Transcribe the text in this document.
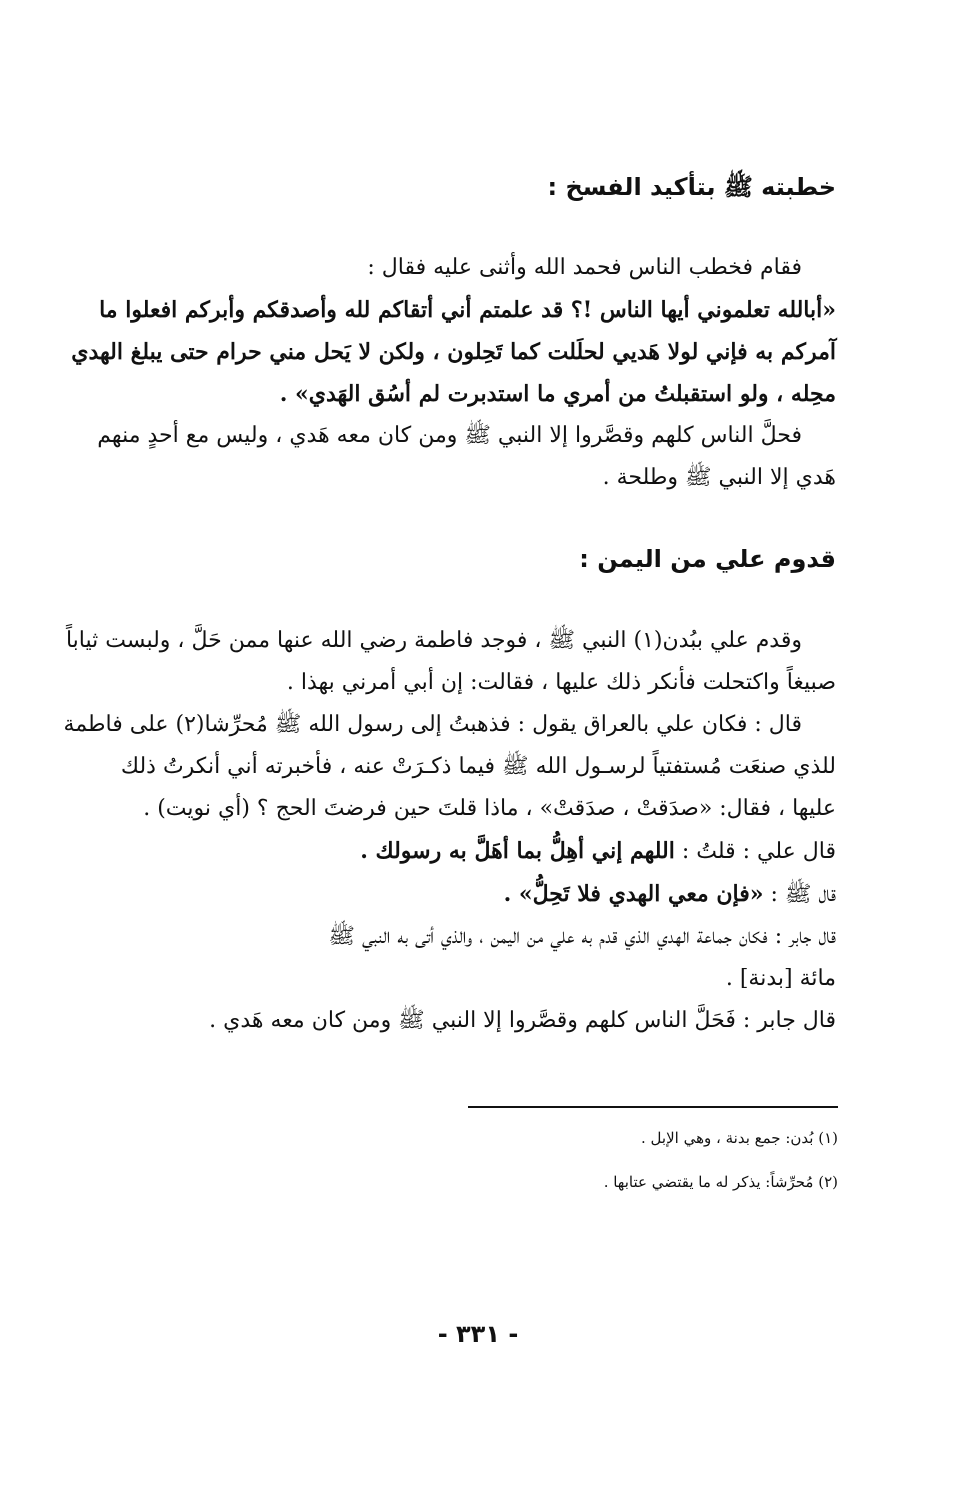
خطبته ﷺ بتأكيد الفسخ :
فقام فخطب الناس فحمد الله وأثنى عليه فقال :
«أبالله تعلموني أيها الناس !؟ قد علمتم أني أتقاكم لله وأصدقكم وأبركم افعلوا ما
آمركم به فإني لولا هَديي لحلَلت كما تَحِلون ، ولكن لا يَحل مني حرام حتى يبلغ الهدي
محِله ، ولو استقبلتُ من أمري ما استدبرت لم أسُق الهَدي» .
فحلَّ الناس كلهم وقصَّروا إلا النبي ﷺ ومن كان معه هَدي ، وليس مع أحدٍ منهم
هَدي إلا النبي ﷺ وطلحة .
قدوم علي من اليمن :
وقدم علي ببُدن(١) النبي ﷺ ، فوجد فاطمة رضي الله عنها ممن حَلَّ ، ولبست ثياباً
صبيغاً واكتحلت فأنكر ذلك عليها ، فقالت: إن أبي أمرني بهذا .
قال : فكان علي بالعراق يقول : فذهبتُ إلى رسول الله ﷺ مُحرِّشا(٢) على فاطمة
للذي صنعَت مُستفتياً لرسـول الله ﷺ فيما ذكـرَتْ عنه ، فأخبرته أني أنكرتُ ذلك
عليها ، فقال: «صدَقتْ ، صدَقتْ» ، ماذا قلتَ حين فرضتَ الحج ؟ (أي نويت) .
قال علي : قلتُ : اللهم إني أهِلُّ بما أهَلَّ به رسولك .
قال ﷺ : «فإن معي الهدي فلا تَحِلُّ» .
قال جابر : فكان جماعة الهدي الذي قدم به علي من اليمن ، والذي أتى به النبي ﷺ
مائة [بدنة] .
قال جابر : فَحَلَّ الناس كلهم وقصَّروا إلا النبي ﷺ ومن كان معه هَدي .
(١) بُدن: جمع بدنة ، وهي الإبل .
(٢) مُحرِّشاً: يذكر له ما يقتضي عتابها .
- ٣٣١ -
